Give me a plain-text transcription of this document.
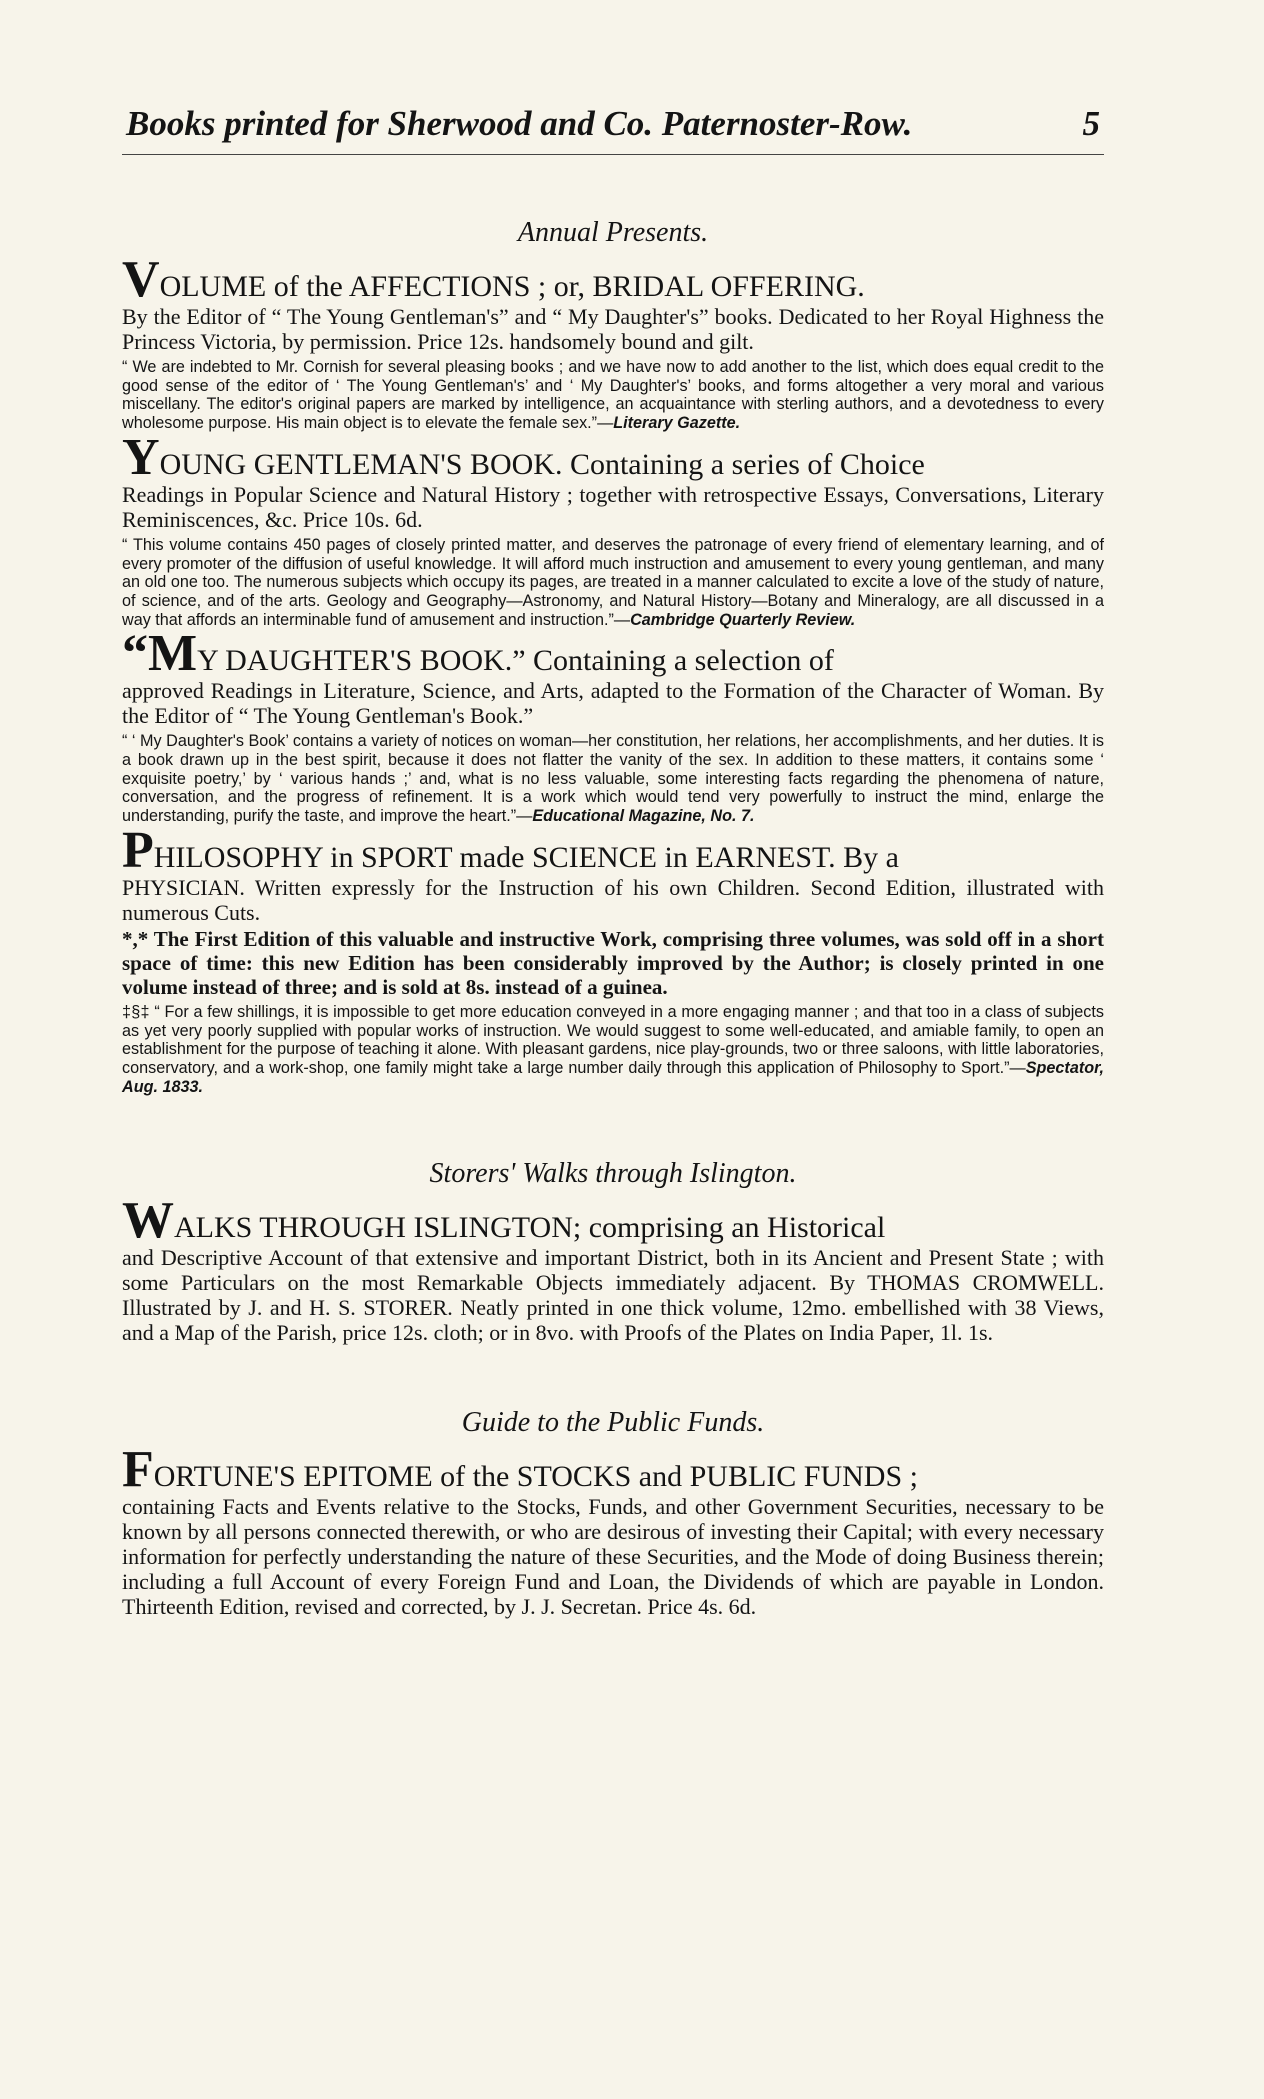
Books printed for Sherwood and Co. Paternoster-Row.	5
Annual Presents.

VOLUME of the AFFECTIONS ; or, BRIDAL OFFERING.

By the Editor of “ The Young Gentleman's” and “ My Daughter's” books. Dedicated to her Royal Highness the Princess Victoria, by permission. Price 12s. handsomely bound and gilt.

“ We are indebted to Mr. Cornish for several pleasing books ; and we have now to add another to the list, which does equal credit to the good sense of the editor of ‘ The Young Gentleman's’ and ‘ My Daughter's’ books, and forms altogether a very moral and various miscellany. The editor's original papers are marked by intelligence, an acquaintance with sterling authors, and a devotedness to every wholesome purpose. His main object is to elevate the female sex.”—Literary Gazette.

YOUNG GENTLEMAN'S BOOK. Containing a series of Choice

Readings in Popular Science and Natural History ; together with retrospective Essays, Conversations, Literary Reminiscences, &c. Price 10s. 6d.

“ This volume contains 450 pages of closely printed matter, and deserves the patronage of every friend of elementary learning, and of every promoter of the diffusion of useful knowledge. It will afford much instruction and amusement to every young gentleman, and many an old one too. The numerous subjects which occupy its pages, are treated in a manner calculated to excite a love of the study of nature, of science, and of the arts. Geology and Geography—Astronomy, and Natural History—Botany and Mineralogy, are all discussed in a way that affords an interminable fund of amusement and instruction.”—Cambridge Quarterly Review.

“MY DAUGHTER'S BOOK.” Containing a selection of

approved Readings in Literature, Science, and Arts, adapted to the Formation of the Character of Woman. By the Editor of “ The Young Gentleman's Book.”

“ ‘ My Daughter's Book’ contains a variety of notices on woman—her constitution, her relations, her accomplishments, and her duties. It is a book drawn up in the best spirit, because it does not flatter the vanity of the sex. In addition to these matters, it contains some ‘ exquisite poetry,’ by ‘ various hands ;’ and, what is no less valuable, some interesting facts regarding the phenomena of nature, conversation, and the progress of refinement. It is a work which would tend very powerfully to instruct the mind, enlarge the understanding, purify the taste, and improve the heart.”—Educational Magazine, No. 7.

PHILOSOPHY in SPORT made SCIENCE in EARNEST. By a

PHYSICIAN. Written expressly for the Instruction of his own Children. Second Edition, illustrated with numerous Cuts.

*,* The First Edition of this valuable and instructive Work, comprising three volumes, was sold off in a short space of time: this new Edition has been considerably improved by the Author; is closely printed in one volume instead of three; and is sold at 8s. instead of a guinea.

‡§‡ “ For a few shillings, it is impossible to get more education conveyed in a more engaging manner ; and that too in a class of subjects as yet very poorly supplied with popular works of instruction. We would suggest to some well-educated, and amiable family, to open an establishment for the purpose of teaching it alone. With pleasant gardens, nice play-grounds, two or three saloons, with little laboratories, conservatory, and a work-shop, one family might take a large number daily through this application of Philosophy to Sport.”—Spectator, Aug. 1833.

Storers' Walks through Islington.

WALKS THROUGH ISLINGTON; comprising an Historical

and Descriptive Account of that extensive and important District, both in its Ancient and Present State ; with some Particulars on the most Remarkable Objects immediately adjacent. By THOMAS CROMWELL. Illustrated by J. and H. S. STORER. Neatly printed in one thick volume, 12mo. embellished with 38 Views, and a Map of the Parish, price 12s. cloth; or in 8vo. with Proofs of the Plates on India Paper, 1l. 1s.

Guide to the Public Funds.

FORTUNE'S EPITOME of the STOCKS and PUBLIC FUNDS ;

containing Facts and Events relative to the Stocks, Funds, and other Government Securities, necessary to be known by all persons connected therewith, or who are desirous of investing their Capital; with every necessary information for perfectly understanding the nature of these Securities, and the Mode of doing Business therein; including a full Account of every Foreign Fund and Loan, the Dividends of which are payable in London. Thirteenth Edition, revised and corrected, by J. J. Secretan. Price 4s. 6d.
